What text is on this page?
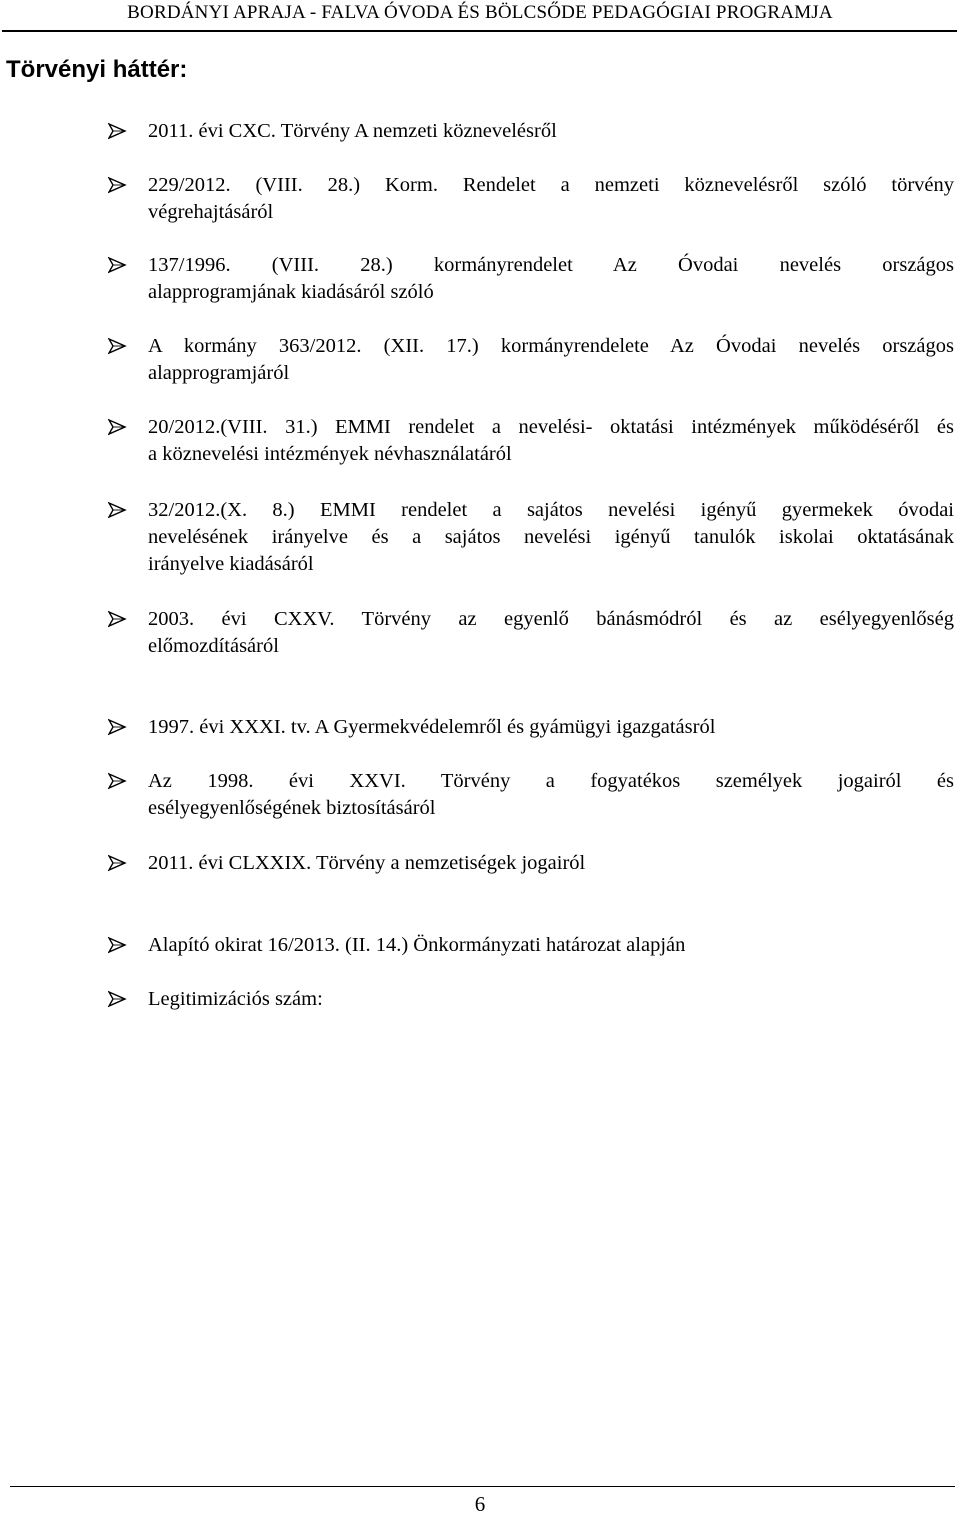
BORDÁNYI APRAJA - FALVA ÓVODA ÉS BÖLCSŐDE PEDAGÓGIAI PROGRAMJA
Törvényi háttér:
2011. évi CXC. Törvény A nemzeti köznevelésről
229/2012. (VIII. 28.) Korm. Rendelet a nemzeti köznevelésről szóló törvény
végrehajtásáról
137/1996. (VIII. 28.) kormányrendelet Az Óvodai nevelés országos
alapprogramjának kiadásáról szóló
A kormány 363/2012. (XII. 17.) kormányrendelete Az Óvodai nevelés országos
alapprogramjáról
20/2012.(VIII. 31.) EMMI rendelet a nevelési- oktatási intézmények működéséről és
a köznevelési intézmények névhasználatáról
32/2012.(X. 8.) EMMI rendelet a sajátos nevelési igényű gyermekek óvodai
nevelésének irányelve és a sajátos nevelési igényű tanulók iskolai oktatásának
irányelve kiadásáról
2003. évi CXXV. Törvény az egyenlő bánásmódról és az esélyegyenlőség
előmozdításáról
1997. évi XXXI. tv. A Gyermekvédelemről és gyámügyi igazgatásról
Az 1998. évi XXVI. Törvény a fogyatékos személyek jogairól és
esélyegyenlőségének biztosításáról
2011. évi CLXXIX. Törvény a nemzetiségek jogairól
Alapító okirat 16/2013. (II. 14.) Önkormányzati határozat alapján
Legitimizációs szám:
6
